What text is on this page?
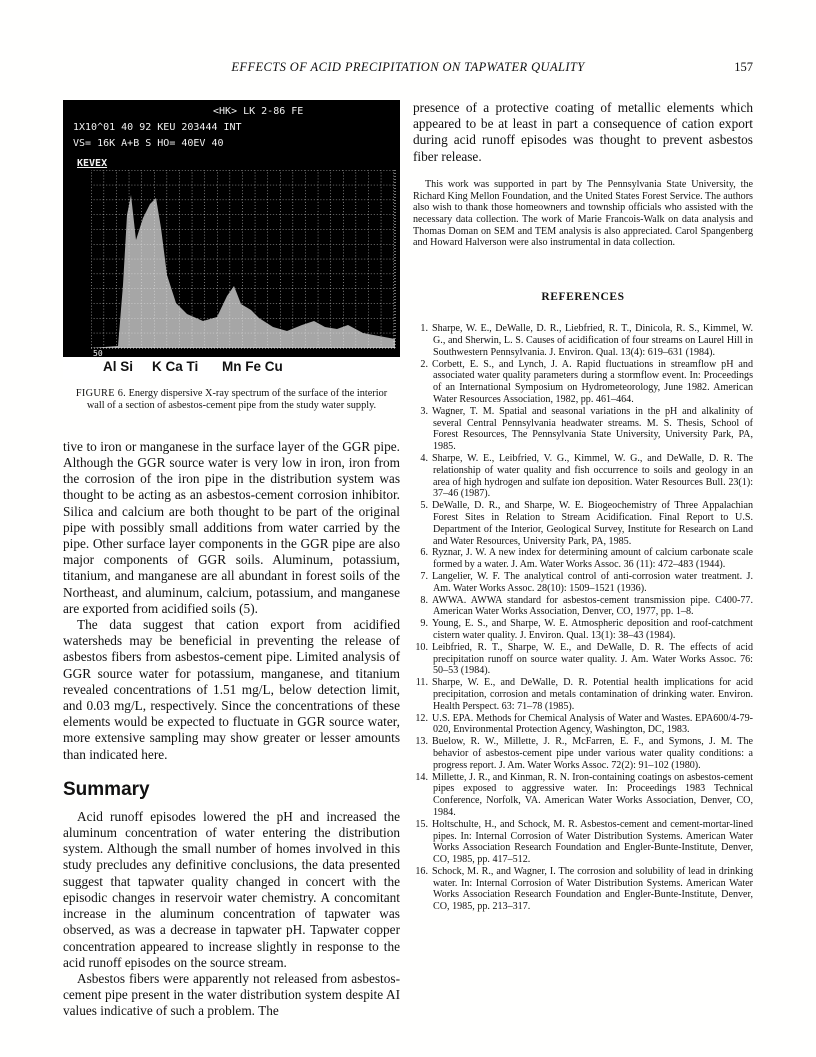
EFFECTS OF ACID PRECIPITATION ON TAPWATER QUALITY	157
<HK> LK 2-86 FE
1X10^01 40 92 KEU 203444 INT
VS= 16K A+B S HO= 40EV 40
KEVEX
50
Al Si K Ca Ti Mn Fe Cu

FIGURE 6. Energy dispersive X-ray spectrum of the surface of the interior wall of a section of asbestos-cement pipe from the study water supply.

tive to iron or manganese in the surface layer of the GGR pipe. Although the GGR source water is very low in iron, iron from the corrosion of the iron pipe in the distribution system was thought to be acting as an asbestos-cement corrosion inhibitor. Silica and calcium are both thought to be part of the original pipe with possibly small additions from water carried by the pipe. Other surface layer components in the GGR pipe are also major components of GGR soils. Aluminum, potassium, titanium, and manganese are all abundant in forest soils of the Northeast, and aluminum, calcium, potassium, and manganese are exported from acidified soils (5).

The data suggest that cation export from acidified watersheds may be beneficial in preventing the release of asbestos fibers from asbestos-cement pipe. Limited analysis of GGR source water for potassium, manganese, and titanium revealed concentrations of 1.51 mg/L, below detection limit, and 0.03 mg/L, respectively. Since the concentrations of these elements would be expected to fluctuate in GGR source water, more extensive sampling may show greater or lesser amounts than indicated here.

Summary

Acid runoff episodes lowered the pH and increased the aluminum concentration of water entering the distribution system. Although the small number of homes involved in this study precludes any definitive conclusions, the data presented suggest that tapwater quality changed in concert with the episodic changes in reservoir water chemistry. A concomitant increase in the aluminum concentration of tapwater was observed, as was a decrease in tapwater pH. Tapwater copper concentration appeared to increase slightly in response to the acid runoff episodes on the source stream.

Asbestos fibers were apparently not released from asbestos-cement pipe present in the water distribution system despite AI values indicative of such a problem. The

presence of a protective coating of metallic elements which appeared to be at least in part a consequence of cation export during acid runoff episodes was thought to prevent asbestos fiber release.

This work was supported in part by The Pennsylvania State University, the Richard King Mellon Foundation, and the United States Forest Service. The authors also wish to thank those homeowners and township officials who assisted with the necessary data collection. The work of Marie Francois-Walk on data analysis and Thomas Doman on SEM and TEM analysis is also appreciated. Carol Spangenberg and Howard Halverson were also instrumental in data collection.

REFERENCES

1. Sharpe, W. E., DeWalle, D. R., Liebfried, R. T., Dinicola, R. S., Kimmel, W. G., and Sherwin, L. S. Causes of acidification of four streams on Laurel Hill in Southwestern Pennsylvania. J. Environ. Qual. 13(4): 619–631 (1984).
2. Corbett, E. S., and Lynch, J. A. Rapid fluctuations in streamflow pH and associated water quality parameters during a stormflow event. In: Proceedings of an International Symposium on Hydrometeorology, June 1982. American Water Resources Association, 1982, pp. 461–464.
3. Wagner, T. M. Spatial and seasonal variations in the pH and alkalinity of several Central Pennsylvania headwater streams. M. S. Thesis, School of Forest Resources, The Pennsylvania State University, University Park, PA, 1985.
4. Sharpe, W. E., Leibfried, V. G., Kimmel, W. G., and DeWalle, D. R. The relationship of water quality and fish occurrence to soils and geology in an area of high hydrogen and sulfate ion deposition. Water Resources Bull. 23(1): 37–46 (1987).
5. DeWalle, D. R., and Sharpe, W. E. Biogeochemistry of Three Appalachian Forest Sites in Relation to Stream Acidification. Final Report to U.S. Department of the Interior, Geological Survey, Institute for Research on Land and Water Resources, University Park, PA, 1985.
6. Ryznar, J. W. A new index for determining amount of calcium carbonate scale formed by a water. J. Am. Water Works Assoc. 36 (11): 472–483 (1944).
7. Langelier, W. F. The analytical control of anti-corrosion water treatment. J. Am. Water Works Assoc. 28(10): 1509–1521 (1936).
8. AWWA. AWWA standard for asbestos-cement transmission pipe. C400-77. American Water Works Association, Denver, CO, 1977, pp. 1–8.
9. Young, E. S., and Sharpe, W. E. Atmospheric deposition and roof-catchment cistern water quality. J. Environ. Qual. 13(1): 38–43 (1984).
10. Leibfried, R. T., Sharpe, W. E., and DeWalle, D. R. The effects of acid precipitation runoff on source water quality. J. Am. Water Works Assoc. 76: 50–53 (1984).
11. Sharpe, W. E., and DeWalle, D. R. Potential health implications for acid precipitation, corrosion and metals contamination of drinking water. Environ. Health Perspect. 63: 71–78 (1985).
12. U.S. EPA. Methods for Chemical Analysis of Water and Wastes. EPA600/4-79-020, Environmental Protection Agency, Washington, DC, 1983.
13. Buelow, R. W., Millette, J. R., McFarren, E. F., and Symons, J. M. The behavior of asbestos-cement pipe under various water quality conditions: a progress report. J. Am. Water Works Assoc. 72(2): 91–102 (1980).
14. Millette, J. R., and Kinman, R. N. Iron-containing coatings on asbestos-cement pipes exposed to aggressive water. In: Proceedings 1983 Technical Conference, Norfolk, VA. American Water Works Association, Denver, CO, 1984.
15. Holtschulte, H., and Schock, M. R. Asbestos-cement and cement-mortar-lined pipes. In: Internal Corrosion of Water Distribution Systems. American Water Works Association Research Foundation and Engler-Bunte-Institute, Denver, CO, 1985, pp. 417–512.
16. Schock, M. R., and Wagner, I. The corrosion and solubility of lead in drinking water. In: Internal Corrosion of Water Distribution Systems. American Water Works Association Research Foundation and Engler-Bunte-Institute, Denver, CO, 1985, pp. 213–317.
